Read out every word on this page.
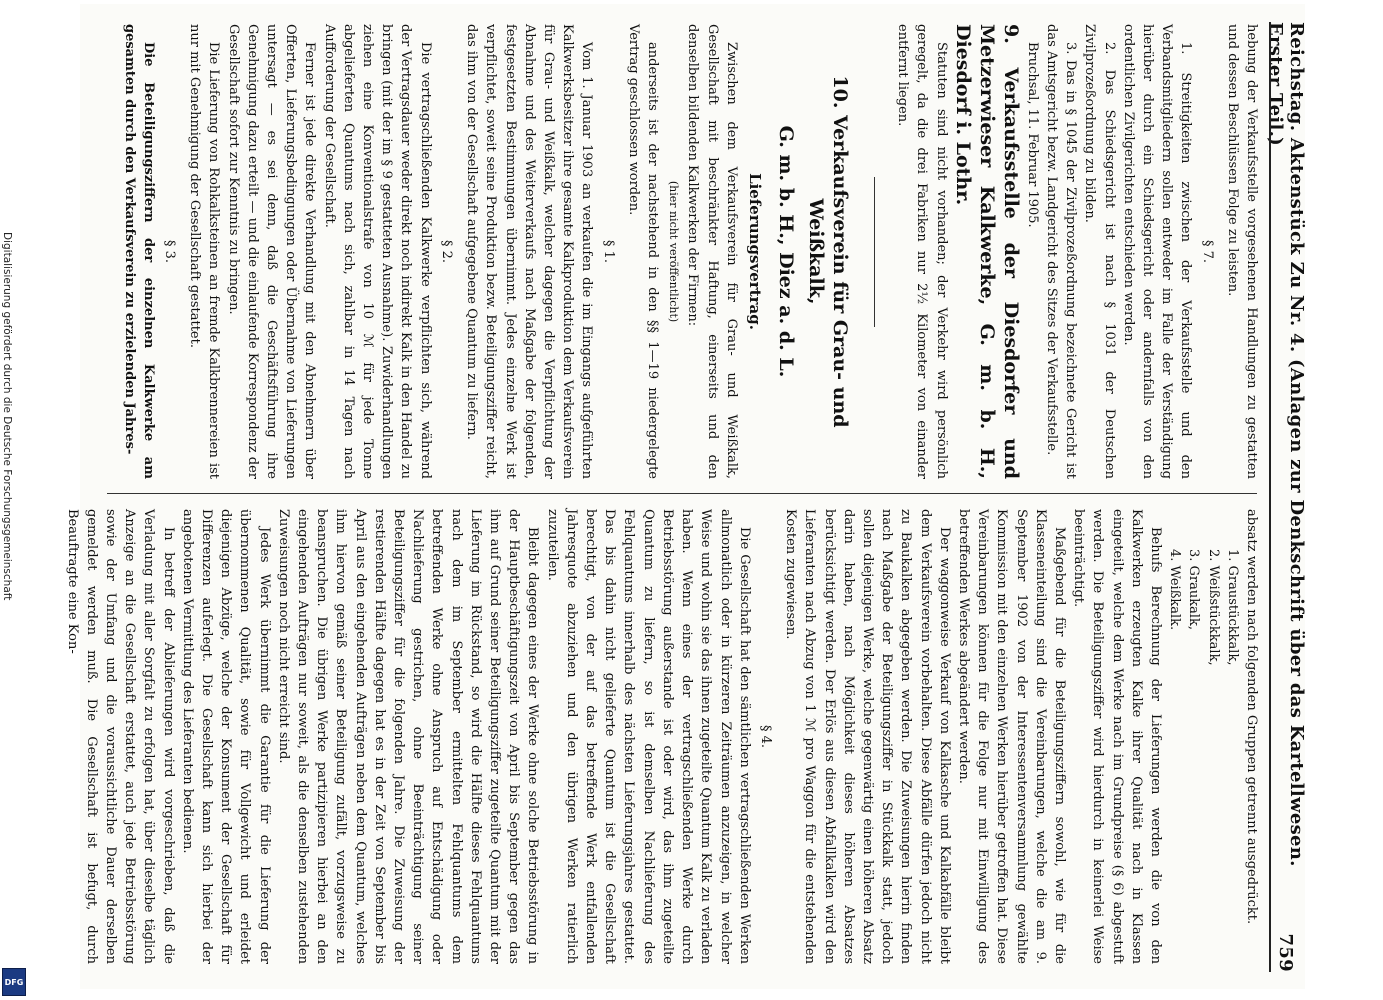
Reichstag. Aktenstück Zu Nr. 4. (Anlagen zur Denkschrift über das Kartellwesen. Erster Teil.)
759

hebung der Verkaufsstelle vorgesehenen Handlungen zu gestatten und dessen Beschlüssen Folge zu leisten.

§ 7.

1. Streitigkeiten zwischen der Verkaufsstelle und den Verbandsmitgliedern sollen entweder im Falle der Verständigung hierüber durch ein Schiedsgericht oder andernfalls von den ordentlichen Zivilgerichten entschieden werden.

2. Das Schiedsgericht ist nach § 1031 der Deutschen Zivilprozeßordnung zu bilden.

3. Das in § 1045 der Zivilprozeßordnung bezeichnete Gericht ist das Amtsgericht bezw. Landgericht des Sitzes der Verkaufsstelle.

Bruchsal, 11. Februar 1905.

9. Verkaufsstelle der Diesdorfer und Metzerwieser Kalkwerke, G. m. b. H., Diesdorf i. Lothr.

Statuten sind nicht vorhanden; der Verkehr wird persönlich geregelt, da die drei Fabriken nur 2½ Kilometer von einander entfernt liegen.

10. Verkaufsverein für Grau- und Weißkalk,
G. m. b. H., Diez a. d. L.
Lieferungsvertrag.

Zwischen dem Verkaufsverein für Grau- und Weißkalk, Gesellschaft mit beschränkter Haftung, einerseits und den denselben bildenden Kalkwerken der Firmen:

(hier nicht veröffentlicht)

anderseits ist der nachstehend in den §§ 1—19 niedergelegte Vertrag geschlossen worden.

§ 1.

Vom 1. Januar 1903 an verkaufen die im Eingangs aufgeführten Kalkwerksbesitzer ihre gesamte Kalkproduktion dem Verkaufsverein für Grau- und Weißkalk, welcher dagegen die Verpflichtung der Abnahme und des Weiterverkaufs nach Maßgabe der folgenden, festgesetzten Bestimmungen übernimmt. Jedes einzelne Werk ist verpflichtet, soweit seine Produktion bezw. Beteiligungsziffer reicht, das ihm von der Gesellschaft aufgegebene Quantum zu liefern.

§ 2.

Die vertragschließenden Kalkwerke verpflichten sich, während der Vertragsdauer weder direkt noch indirekt Kalk in den Handel zu bringen (mit der im § 9 gestatteten Ausnahme). Zuwiderhandlungen ziehen eine Konventionalstrafe von 10 ℳ für jede Tonne abgelieferten Quantums nach sich, zahlbar in 14 Tagen nach Aufforderung der Gesellschaft.

Ferner ist jede direkte Verhandlung mit den Abnehmern über Offerten, Lieferungsbedingungen oder Übernahme von Lieferungen untersagt — es sei denn, daß die Geschäftsführung ihre Genehmigung dazu erteilt — und die einlaufende Korrespondenz der Gesellschaft sofort zur Kenntnis zu bringen.

Die Lieferung von Rohkalksteinen an fremde Kalkbrennereien ist nur mit Genehmigung der Gesellschaft gestattet.

§ 3.

Die Beteiligungsziffern der einzelnen Kalkwerke am gesamten durch den Verkaufsverein zu erzielenden Jahres-

absatz werden nach folgenden Gruppen getrennt ausgedrückt.

1. Graustückkalk,
2. Weißstückkalk,
3. Graukalk,
4. Weißkalk.

Behufs Berechnung der Lieferungen werden die von den Kalkwerken erzeugten Kalke ihrer Qualität nach in Klassen eingeteilt, welche dem Werke nach im Grundpreise (§ 6) abgestuft werden. Die Beteiligungsziffer wird hierdurch in keinerlei Weise beeinträchtigt.

Maßgebend für die Beteiligungsziffern sowohl, wie für die Klasseneinteilung sind die Vereinbarungen, welche die am 9. September 1902 von der Interessentenversammlung gewählte Kommission mit den einzelnen Werken hierüber getroffen hat. Diese Vereinbarungen können für die Folge nur mit Einwilligung des betreffenden Werkes abgeändert werden.

Der waggonweise Verkauf von Kalkasche und Kalkabfälle bleibt dem Verkaufsverein vorbehalten. Diese Abfälle dürfen jedoch nicht zu Baukalken abgegeben werden. Die Zuweisungen hierin finden nach Maßgabe der Beteiligungsziffer in Stückkalk statt, jedoch sollen diejenigen Werke, welche gegenwärtig einen höheren Absatz darin haben, nach Möglichkeit dieses höheren Absatzes berücksichtigt werden. Der Erlös aus diesen Abfallkalken wird den Lieferanten nach Abzug von 1 ℳ pro Waggon für die entstehenden Kosten zugewiesen.

§ 4.

Die Gesellschaft hat den sämtlichen vertragschließenden Werken allmonatlich oder in kürzeren Zeiträumen anzuzeigen, in welcher Weise und wohin sie das ihnen zugeteilte Quantum Kalk zu verladen haben. Wenn eines der vertragschließenden Werke durch Betriebsstörung außerstande ist oder wird, das ihm zugeteilte Quantum zu liefern, so ist demselben Nachlieferung des Fehlquantums innerhalb des nächsten Lieferungsjahres gestattet. Das bis dahin nicht gelieferte Quantum ist die Gesellschaft berechtigt, von der auf das betreffende Werk entfallenden Jahresquote abzuziehen und den übrigen Werken ratierlich zuzuteilen.

Bleibt dagegen eines der Werke ohne solche Betriebsstörung in der Hauptbeschäftigungszeit von April bis September gegen das ihm auf Grund seiner Beteiligungsziffer zugeteilte Quantum mit der Lieferung im Rückstand, so wird die Hälfte dieses Fehlquantums nach dem im September ermittelten Fehlquantums dem betreffenden Werke ohne Anspruch auf Entschädigung oder Nachlieferung gestrichen, ohne Beeinträchtigung seiner Beteiligungsziffer für die folgenden Jahre. Die Zuweisung der restierenden Hälfte dagegen hat es in der Zeit von September bis April aus den eingehenden Aufträgen neben dem Quantum, welches ihm hiervon gemäß seiner Beteiligung zufällt, vorzugsweise zu beanspruchen. Die übrigen Werke partizipieren hierbei an den eingehenden Aufträgen nur soweit, als die denselben zustehenden Zuweisungen noch nicht erreicht sind.

Jedes Werk übernimmt die Garantie für die Lieferung der übernommenen Qualität, sowie für Vollgewicht und erleidet diejenigen Abzüge, welche der Konsument der Gesellschaft für Differenzen auferlegt. Die Gesellschaft kann sich hierbei der angebotenen Vermittlung des Lieferanten bedienen.

In betreff der Ablieferungen wird vorgeschrieben, daß die Verladung mit aller Sorgfalt zu erfolgen hat, über dieselbe täglich Anzeige an die Gesellschaft erstattet, auch jede Betriebsstörung sowie der Umfang und die voraussichtliche Dauer derselben gemeldet werden muß. Die Gesellschaft ist befugt, durch Beauftragte eine Kon-

Digitalisierung gefördert durch die Deutsche Forschungsgemeinschaft
DFG
